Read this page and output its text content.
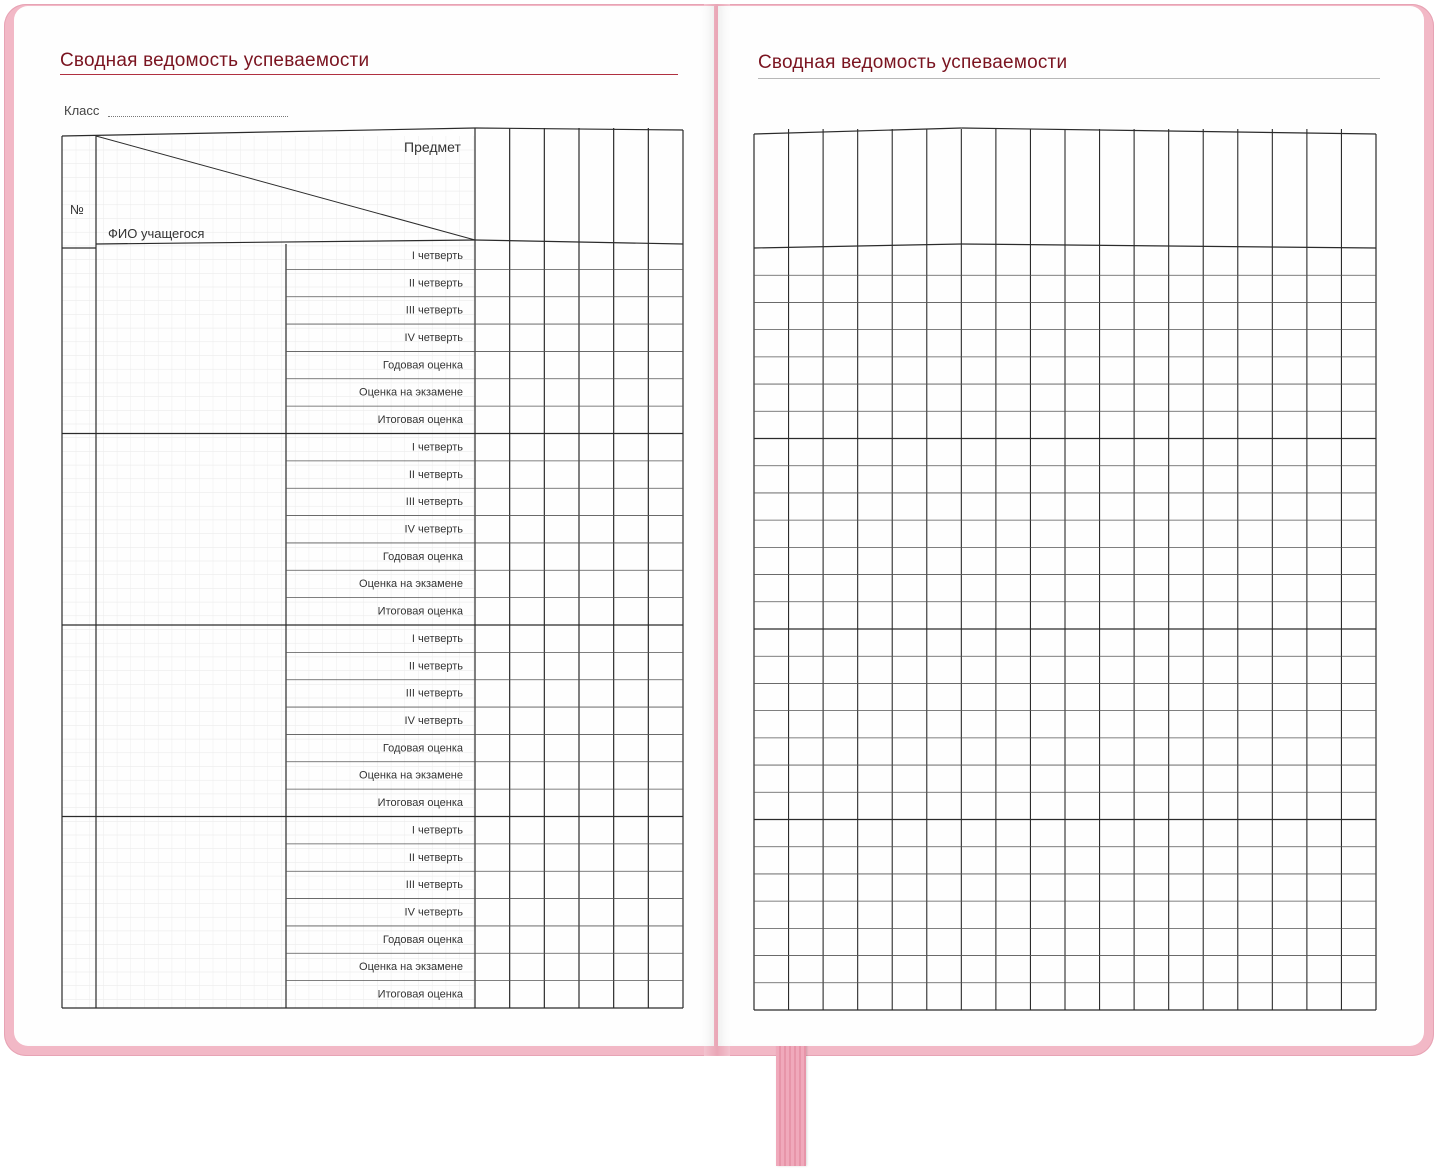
Сводная ведомость успеваемости
Класс
№
Предмет
ФИО учащегося
I четверть
II четверть
III четверть
IV четверть
Годовая оценка
Оценка на экзамене
Итоговая оценка
I четверть
II четверть
III четверть
IV четверть
Годовая оценка
Оценка на экзамене
Итоговая оценка
I четверть
II четверть
III четверть
IV четверть
Годовая оценка
Оценка на экзамене
Итоговая оценка
I четверть
II четверть
III четверть
IV четверть
Годовая оценка
Оценка на экзамене
Итоговая оценка
Сводная ведомость успеваемости
